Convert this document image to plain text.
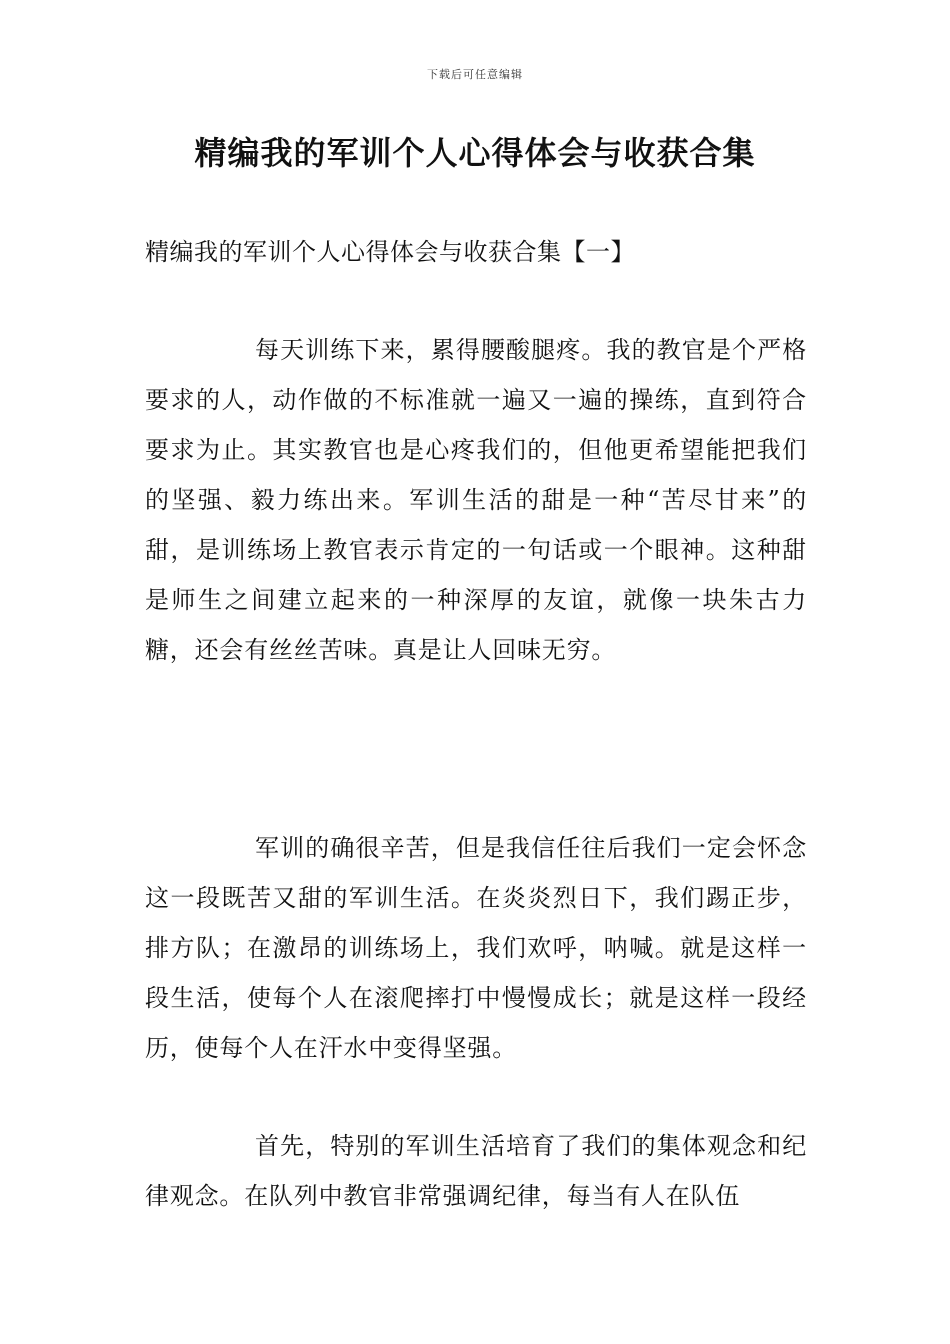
下载后可任意编辑
精编我的军训个人心得体会与收获合集

精编我的军训个人心得体会与收获合集【一】

每天训练下来，累得腰酸腿疼。我的教官是个严格要求的人，动作做的不标准就一遍又一遍的操练，直到符合要求为止。其实教官也是心疼我们的，但他更希望能把我们的坚强、毅力练出来。军训生活的甜是一种“苦尽甘来”的甜，是训练场上教官表示肯定的一句话或一个眼神。这种甜是师生之间建立起来的一种深厚的友谊，就像一块朱古力糖，还会有丝丝苦味。真是让人回味无穷。

军训的确很辛苦，但是我信任往后我们一定会怀念这一段既苦又甜的军训生活。在炎炎烈日下，我们踢正步，排方队；在激昂的训练场上，我们欢呼，呐喊。就是这样一段生活，使每个人在滚爬摔打中慢慢成长；就是这样一段经历，使每个人在汗水中变得坚强。

首先，特别的军训生活培育了我们的集体观念和纪律观念。在队列中教官非常强调纪律，每当有人在队伍
